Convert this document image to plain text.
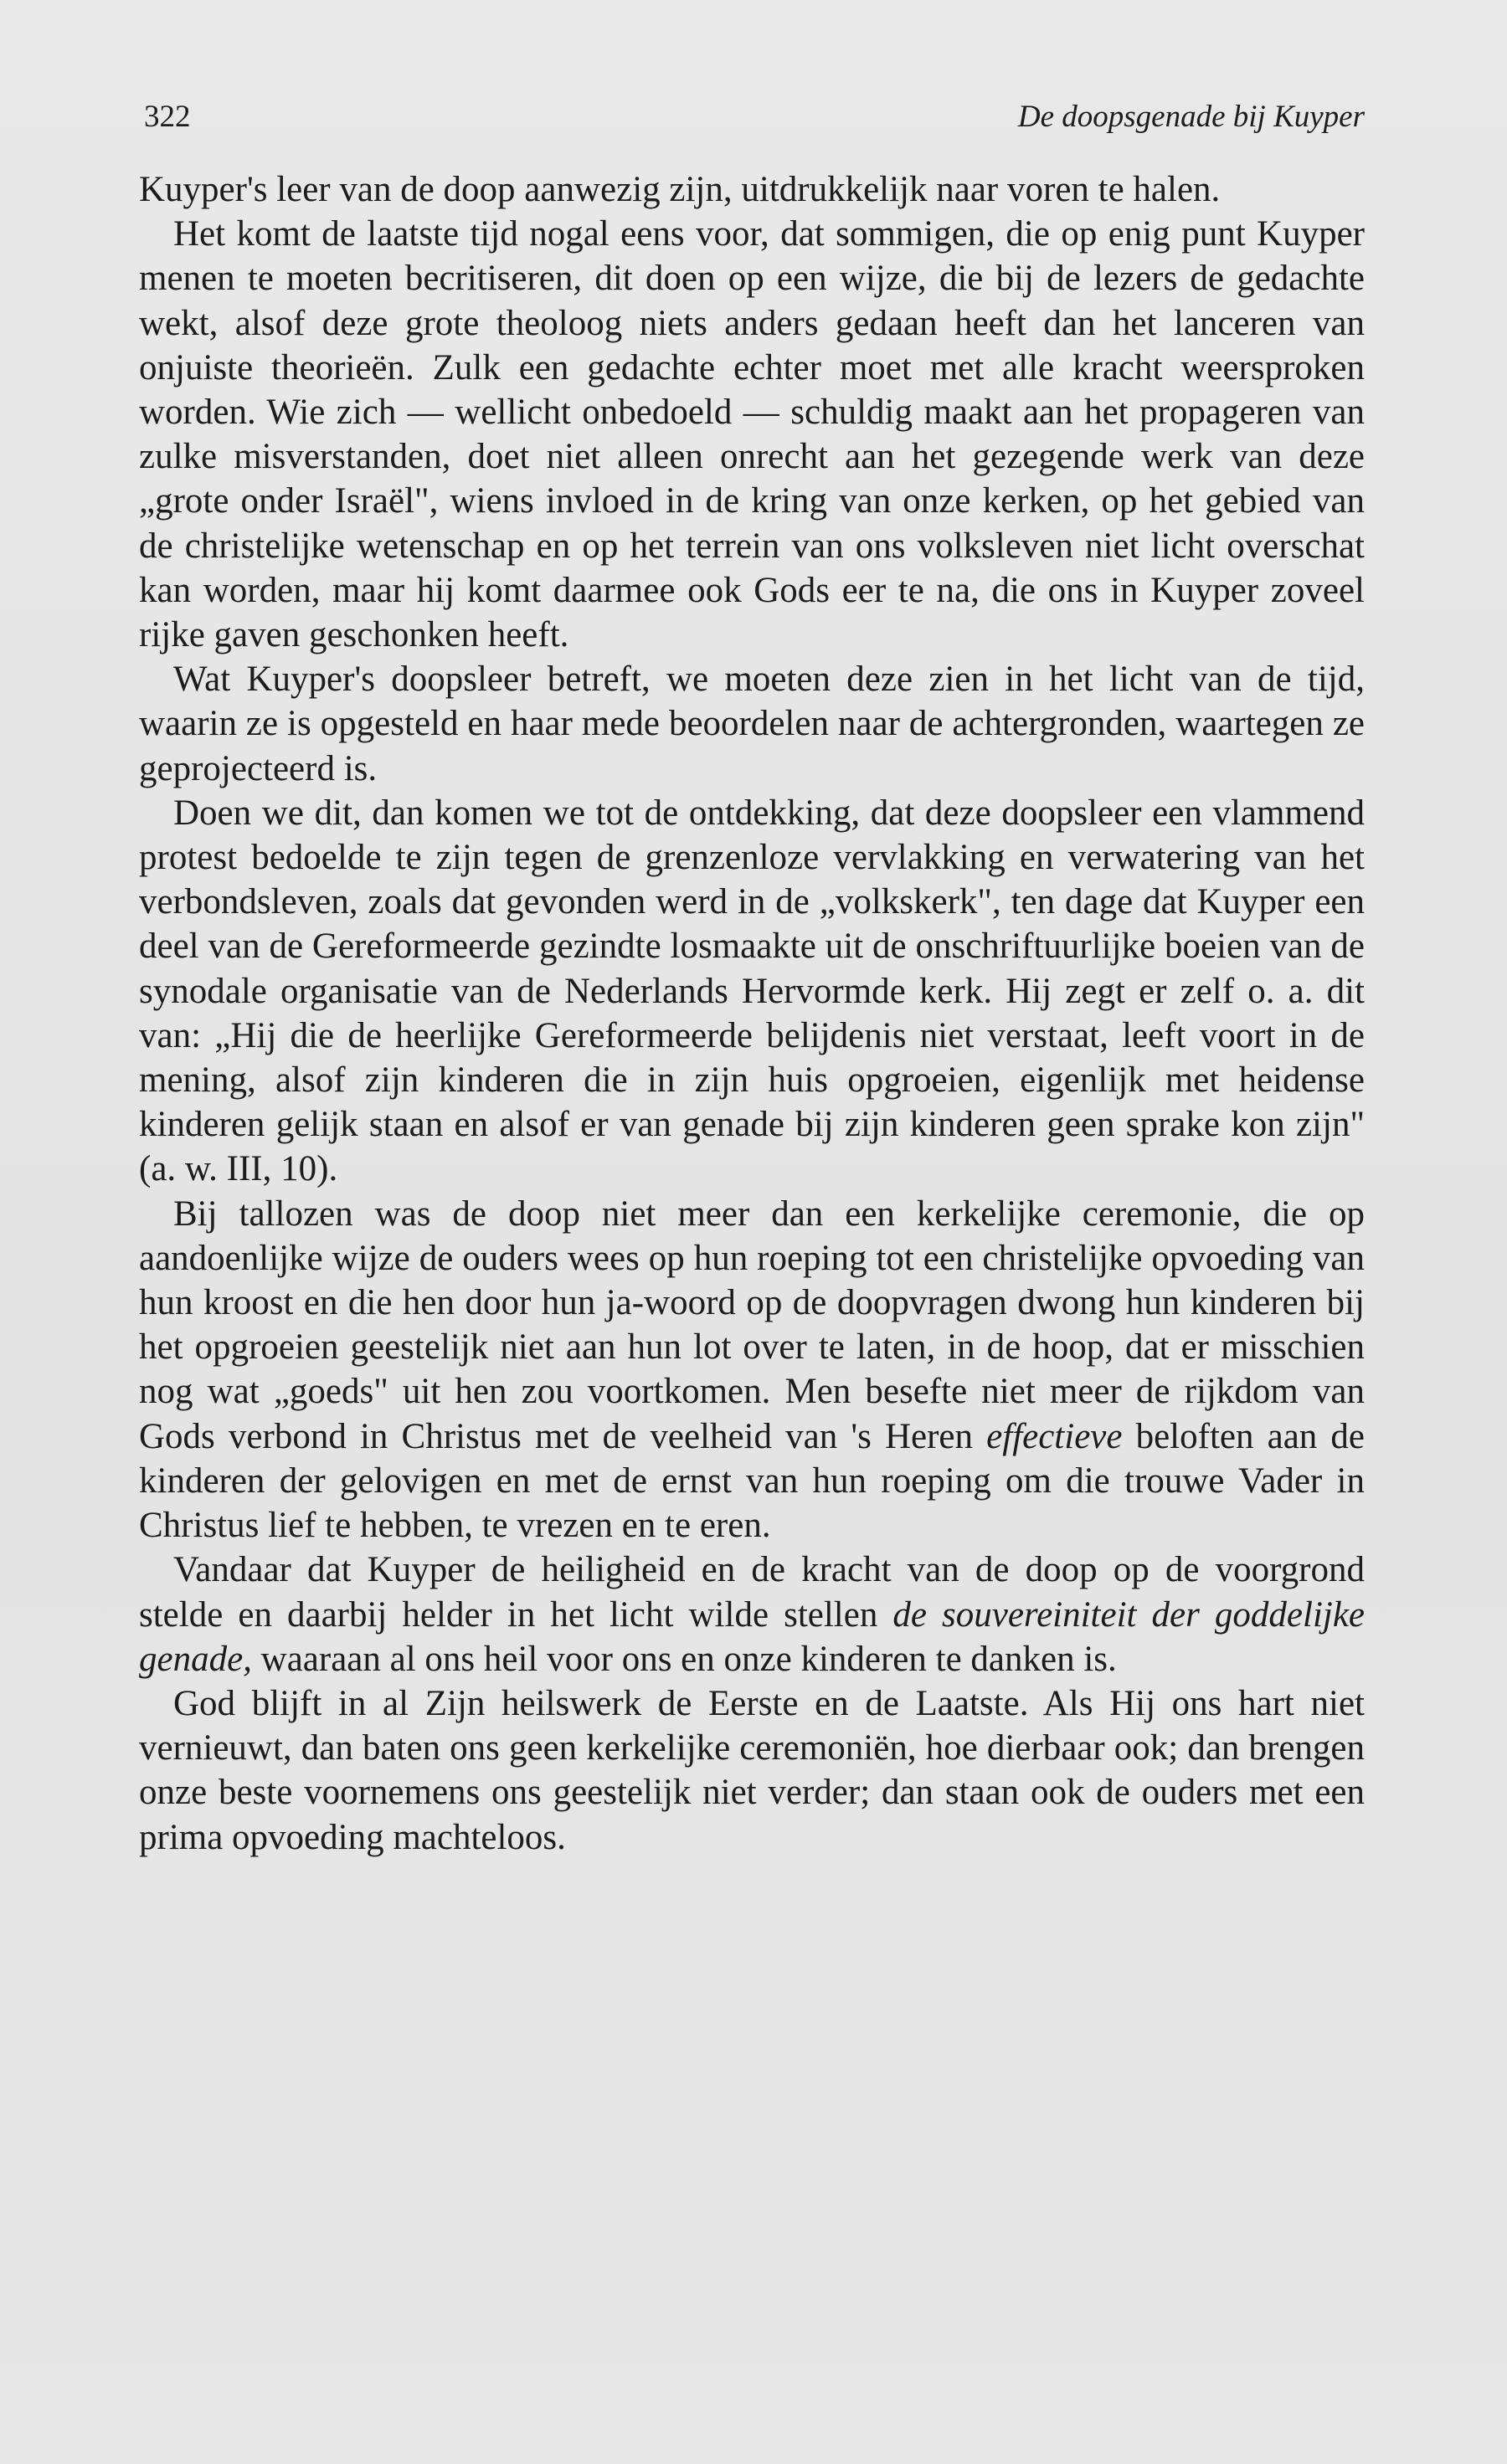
322	De doopsgenade bij Kuyper

Kuyper's leer van de doop aanwezig zijn, uitdrukkelijk naar voren te halen.

Het komt de laatste tijd nogal eens voor, dat sommigen, die op enig punt Kuyper menen te moeten becritiseren, dit doen op een wijze, die bij de lezers de gedachte wekt, alsof deze grote theoloog niets anders gedaan heeft dan het lanceren van onjuiste theorieën. Zulk een gedachte echter moet met alle kracht weersproken worden. Wie zich — wellicht onbedoeld — schuldig maakt aan het propageren van zulke misverstanden, doet niet alleen onrecht aan het gezegende werk van deze „grote onder Israël", wiens invloed in de kring van onze kerken, op het gebied van de christelijke wetenschap en op het terrein van ons volksleven niet licht overschat kan worden, maar hij komt daarmee ook Gods eer te na, die ons in Kuyper zoveel rijke gaven geschonken heeft.

Wat Kuyper's doopsleer betreft, we moeten deze zien in het licht van de tijd, waarin ze is opgesteld en haar mede beoordelen naar de achtergronden, waartegen ze geprojecteerd is.

Doen we dit, dan komen we tot de ontdekking, dat deze doopsleer een vlammend protest bedoelde te zijn tegen de grenzenloze vervlakking en verwatering van het verbondsleven, zoals dat gevonden werd in de „volkskerk", ten dage dat Kuyper een deel van de Gereformeerde gezindte losmaakte uit de onschriftuurlijke boeien van de synodale organisatie van de Nederlands Hervormde kerk. Hij zegt er zelf o. a. dit van: „Hij die de heerlijke Gereformeerde belijdenis niet verstaat, leeft voort in de mening, alsof zijn kinderen die in zijn huis opgroeien, eigenlijk met heidense kinderen gelijk staan en alsof er van genade bij zijn kinderen geen sprake kon zijn" (a. w. III, 10).

Bij tallozen was de doop niet meer dan een kerkelijke ceremonie, die op aandoenlijke wijze de ouders wees op hun roeping tot een christelijke opvoeding van hun kroost en die hen door hun ja-woord op de doopvragen dwong hun kinderen bij het opgroeien geestelijk niet aan hun lot over te laten, in de hoop, dat er misschien nog wat „goeds" uit hen zou voortkomen. Men besefte niet meer de rijkdom van Gods verbond in Christus met de veelheid van 's Heren effectieve beloften aan de kinderen der gelovigen en met de ernst van hun roeping om die trouwe Vader in Christus lief te hebben, te vrezen en te eren.

Vandaar dat Kuyper de heiligheid en de kracht van de doop op de voorgrond stelde en daarbij helder in het licht wilde stellen de souvereiniteit der goddelijke genade, waaraan al ons heil voor ons en onze kinderen te danken is.

God blijft in al Zijn heilswerk de Eerste en de Laatste. Als Hij ons hart niet vernieuwt, dan baten ons geen kerkelijke ceremoniën, hoe dierbaar ook; dan brengen onze beste voornemens ons geestelijk niet verder; dan staan ook de ouders met een prima opvoeding machteloos.
